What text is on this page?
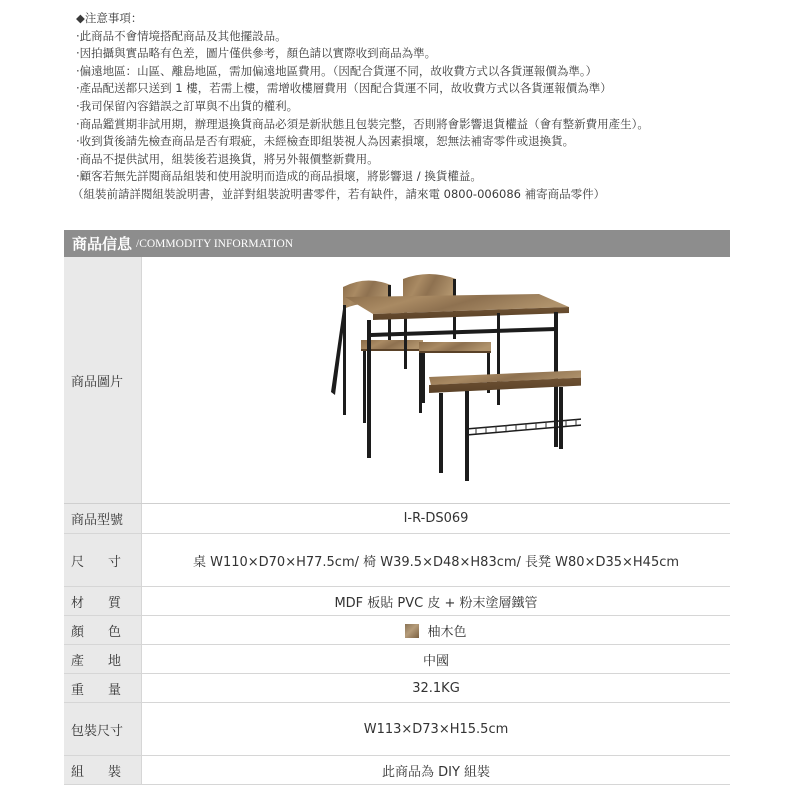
◆注意事項：
‧此商品不會情境搭配商品及其他擺設品。
‧因拍攝與實品略有色差，圖片僅供參考，顏色請以實際收到商品為準。
‧偏遠地區：山區、離島地區，需加偏遠地區費用。（因配合貨運不同，故收費方式以各貨運報價為準。）
‧產品配送都只送到 1 樓，若需上樓，需增收樓層費用（因配合貨運不同，故收費方式以各貨運報價為準）
‧我司保留內容錯誤之訂單與不出貨的權利。
‧商品鑑賞期非試用期，辦理退換貨商品必須是新狀態且包裝完整，否則將會影響退貨權益（會有整新費用產生）。
‧收到貨後請先檢查商品是否有瑕疵，未經檢查即組裝視人為因素損壞，恕無法補寄零件或退換貨。
‧商品不提供試用，組裝後若退換貨，將另外報價整新費用。
‧顧客若無先詳閱商品組裝和使用說明而造成的商品損壞，將影響退 / 換貨權益。
（組裝前請詳閱組裝說明書，並詳對組裝說明書零件，若有缺件，請來電 0800-006086 補寄商品零件）
商品信息 /COMMODITY INFORMATION
商品圖片	

商品型號	I-R-DS069

尺 寸	桌 W110×D70×H77.5cm/ 椅 W39.5×D48×H83cm/ 長凳 W80×D35×H45cm

材 質	MDF 板貼 PVC 皮 + 粉末塗層鐵管

顏 色	柚木色

產 地	中國

重 量	32.1KG
包裝尺寸	W113×D73×H15.5cm

組 裝	此商品為 DIY 組裝
